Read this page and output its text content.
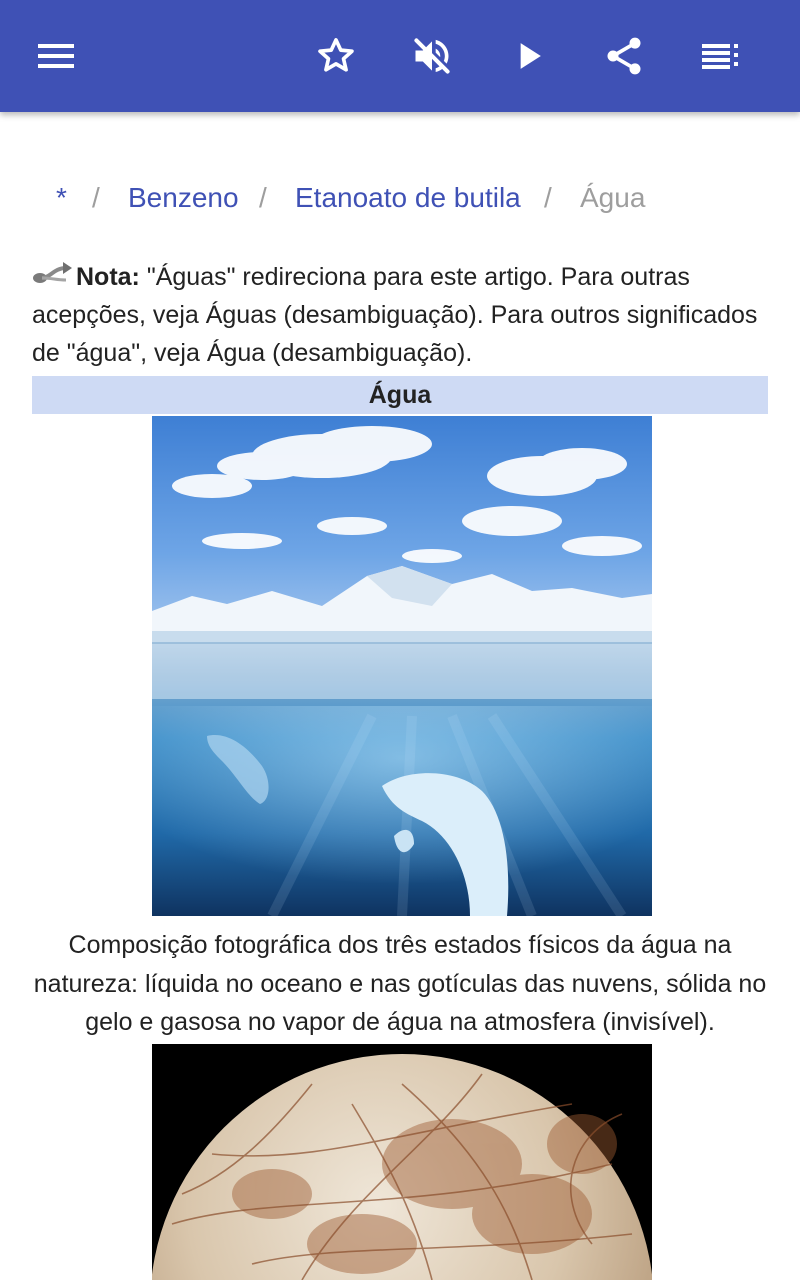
* / Benzeno / Etanoato de butila / Água
Nota: "Águas" redireciona para este artigo. Para outras acepções, veja Águas (desambiguação). Para outros significados de "água", veja Água (desambiguação).
Água
Composição fotográfica dos três estados físicos da água na natureza: líquida no oceano e nas gotículas das nuvens, sólida no gelo e gasosa no vapor de água na atmosfera (invisível).
